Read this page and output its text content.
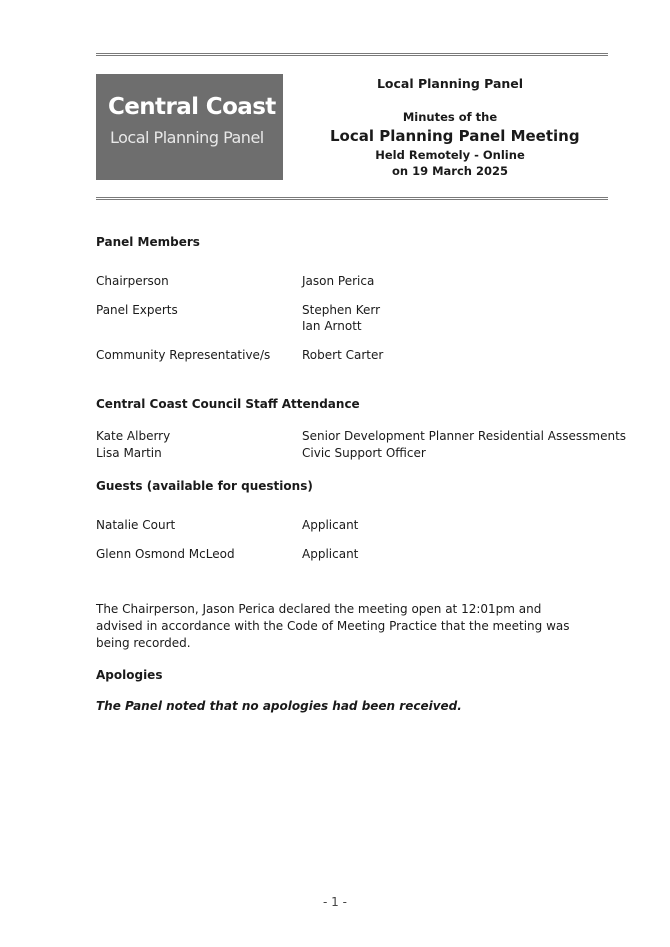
Central Coast
Local Planning Panel
Local Planning Panel
Minutes of the
Local Planning Panel Meeting
Held Remotely - Online
on 19 March 2025
Panel Members
Chairperson	Jason Perica
Panel Experts	Stephen Kerr
Ian Arnott
Community Representative/s	Robert Carter
Central Coast Council Staff Attendance
Kate Alberry	Senior Development Planner Residential Assessments
Lisa Martin	Civic Support Officer
Guests (available for questions)
Natalie Court	Applicant
Glenn Osmond McLeod	Applicant
The Chairperson, Jason Perica declared the meeting open at 12:01pm and advised in accordance with the Code of Meeting Practice that the meeting was being recorded.
Apologies
The Panel noted that no apologies had been received.
- 1 -
